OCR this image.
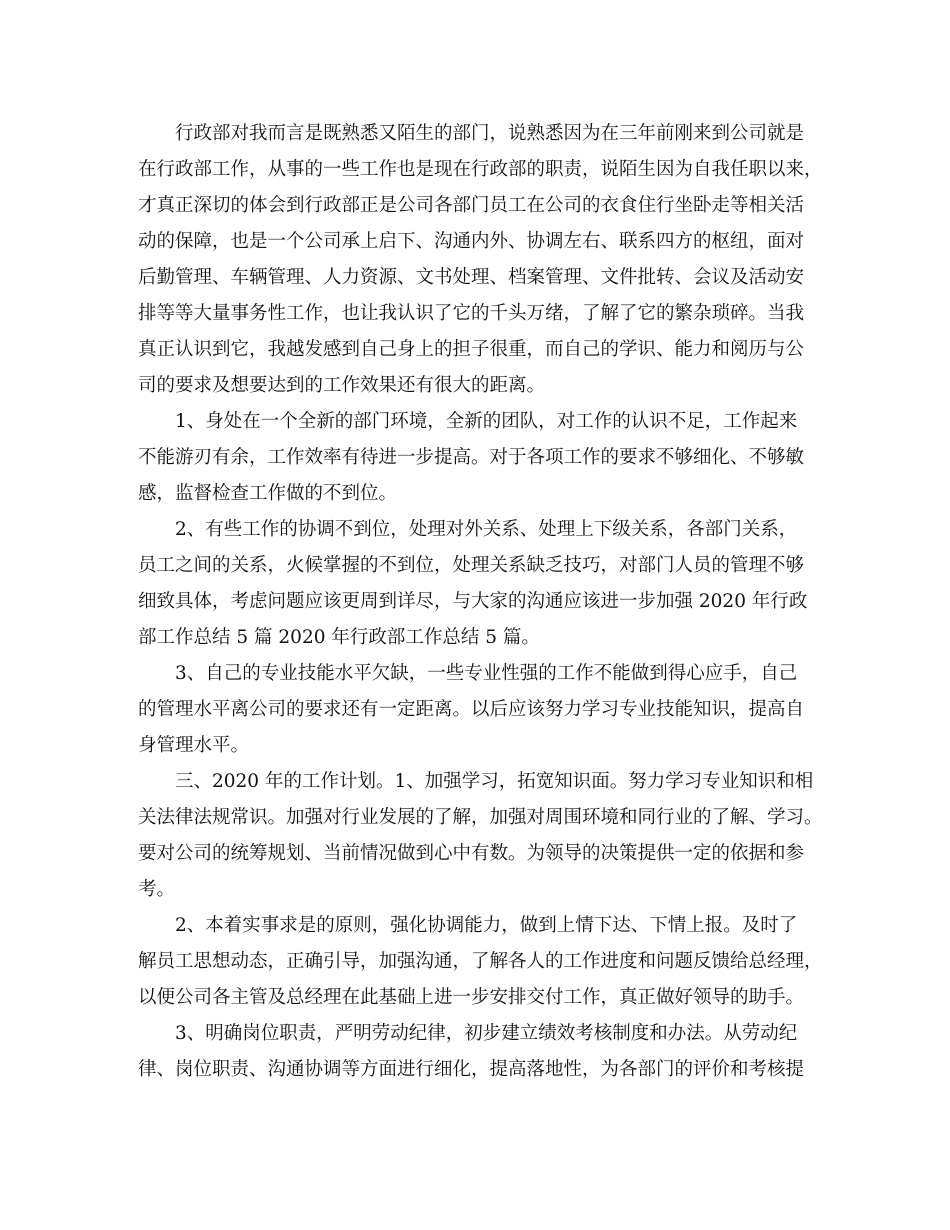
行政部对我而言是既熟悉又陌生的部门，说熟悉因为在三年前刚来到公司就是
在行政部工作，从事的一些工作也是现在行政部的职责，说陌生因为自我任职以来，
才真正深切的体会到行政部正是公司各部门员工在公司的衣食住行坐卧走等相关活
动的保障，也是一个公司承上启下、沟通内外、协调左右、联系四方的枢纽，面对
后勤管理、车辆管理、人力资源、文书处理、档案管理、文件批转、会议及活动安
排等等大量事务性工作，也让我认识了它的千头万绪，了解了它的繁杂琐碎。当我
真正认识到它，我越发感到自己身上的担子很重，而自己的学识、能力和阅历与公
司的要求及想要达到的工作效果还有很大的距离。
1、身处在一个全新的部门环境，全新的团队，对工作的认识不足，工作起来
不能游刃有余，工作效率有待进一步提高。对于各项工作的要求不够细化、不够敏
感，监督检查工作做的不到位。
2、有些工作的协调不到位，处理对外关系、处理上下级关系，各部门关系，
员工之间的关系，火候掌握的不到位，处理关系缺乏技巧，对部门人员的管理不够
细致具体，考虑问题应该更周到详尽，与大家的沟通应该进一步加强 2020 年行政
部工作总结 5 篇 2020 年行政部工作总结 5 篇。
3、自己的专业技能水平欠缺，一些专业性强的工作不能做到得心应手，自己
的管理水平离公司的要求还有一定距离。以后应该努力学习专业技能知识，提高自
身管理水平。
三、2020 年的工作计划。1、加强学习，拓宽知识面。努力学习专业知识和相
关法律法规常识。加强对行业发展的了解，加强对周围环境和同行业的了解、学习。
要对公司的统筹规划、当前情况做到心中有数。为领导的决策提供一定的依据和参
考。
2、本着实事求是的原则，强化协调能力，做到上情下达、下情上报。及时了
解员工思想动态，正确引导，加强沟通，了解各人的工作进度和问题反馈给总经理，
以便公司各主管及总经理在此基础上进一步安排交付工作，真正做好领导的助手。
3、明确岗位职责，严明劳动纪律，初步建立绩效考核制度和办法。从劳动纪
律、岗位职责、沟通协调等方面进行细化，提高落地性，为各部门的评价和考核提
